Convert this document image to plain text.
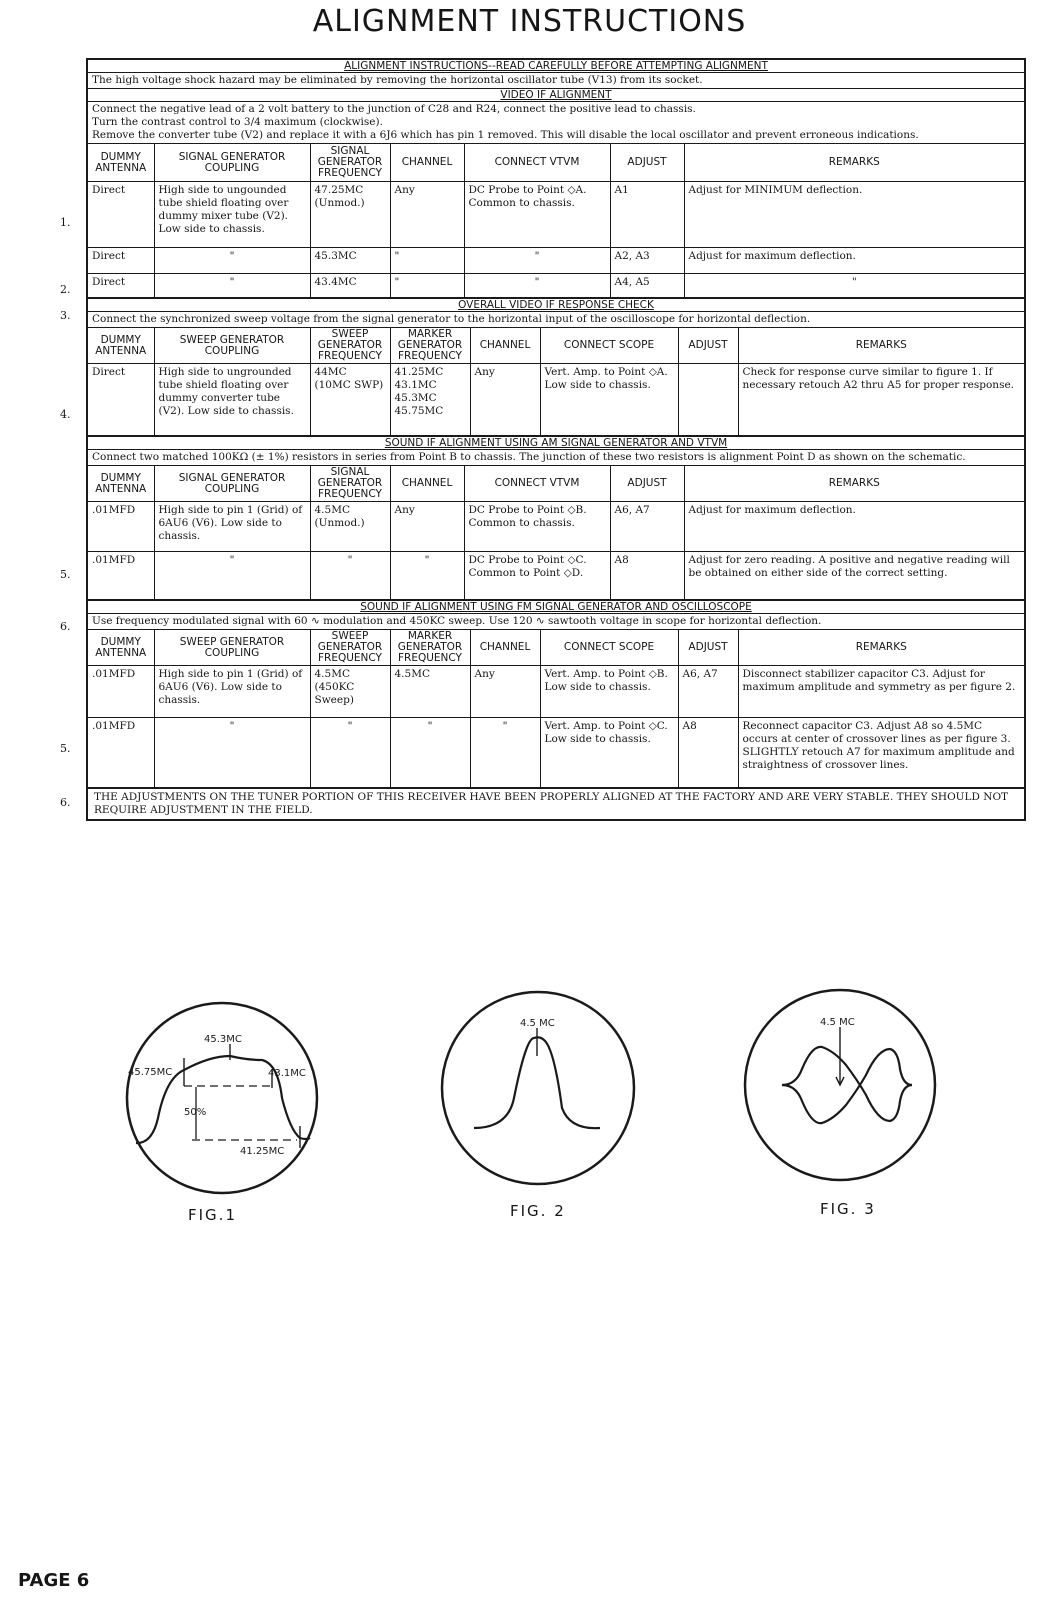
ALIGNMENT INSTRUCTIONS
ALIGNMENT INSTRUCTIONS--READ CAREFULLY BEFORE ATTEMPTING ALIGNMENT
The high voltage shock hazard may be eliminated by removing the horizontal oscillator tube (V13) from its socket.
VIDEO IF ALIGNMENT
Connect the negative lead of a 2 volt battery to the junction of C28 and R24, connect the positive lead to chassis.
Turn the contrast control to 3/4 maximum (clockwise).
Remove the converter tube (V2) and replace it with a 6J6 which has pin 1 removed. This will disable the local oscillator and prevent erroneous indications.
DUMMY ANTENNA	SIGNAL GENERATOR COUPLING	SIGNAL GENERATOR FREQUENCY	CHANNEL	CONNECT VTVM	ADJUST	REMARKS
Direct	High side to ungounded tube shield floating over dummy mixer tube (V2). Low side to chassis.	47.25MC (Unmod.)	Any	DC Probe to Point ◇A. Common to chassis.	A1	Adjust for MINIMUM deflection.
Direct	"	45.3MC	"	"	A2, A3	Adjust for maximum deflection.
Direct	"	43.4MC	"	"	A4, A5	"
OVERALL VIDEO IF RESPONSE CHECK
Connect the synchronized sweep voltage from the signal generator to the horizontal input of the oscilloscope for horizontal deflection.
DUMMY ANTENNA	SWEEP GENERATOR COUPLING	SWEEP GENERATOR FREQUENCY	MARKER GENERATOR FREQUENCY	CHANNEL	CONNECT SCOPE	ADJUST	REMARKS
Direct	High side to ungrounded tube shield floating over dummy converter tube (V2). Low side to chassis.	44MC (10MC SWP)	41.25MC 43.1MC 45.3MC 45.75MC	Any	Vert. Amp. to Point ◇A. Low side to chassis.		Check for response curve similar to figure 1. If necessary retouch A2 thru A5 for proper response.
SOUND IF ALIGNMENT USING AM SIGNAL GENERATOR AND VTVM
Connect two matched 100KΩ (± 1%) resistors in series from Point B to chassis. The junction of these two resistors is alignment Point D as shown on the schematic.
DUMMY ANTENNA	SIGNAL GENERATOR COUPLING	SIGNAL GENERATOR FREQUENCY	CHANNEL	CONNECT VTVM	ADJUST	REMARKS
.01MFD	High side to pin 1 (Grid) of 6AU6 (V6). Low side to chassis.	4.5MC (Unmod.)	Any	DC Probe to Point ◇B. Common to chassis.	A6, A7	Adjust for maximum deflection.
.01MFD	"	"	"	DC Probe to Point ◇C. Common to Point ◇D.	A8	Adjust for zero reading. A positive and negative reading will be obtained on either side of the correct setting.
SOUND IF ALIGNMENT USING FM SIGNAL GENERATOR AND OSCILLOSCOPE
Use frequency modulated signal with 60 ∿ modulation and 450KC sweep. Use 120 ∿ sawtooth voltage in scope for horizontal deflection.
DUMMY ANTENNA	SWEEP GENERATOR COUPLING	SWEEP GENERATOR FREQUENCY	MARKER GENERATOR FREQUENCY	CHANNEL	CONNECT SCOPE	ADJUST	REMARKS
.01MFD	High side to pin 1 (Grid) of 6AU6 (V6). Low side to chassis.	4.5MC (450KC Sweep)	4.5MC	Any	Vert. Amp. to Point ◇B. Low side to chassis.	A6, A7	Disconnect stabilizer capacitor C3. Adjust for maximum amplitude and symmetry as per figure 2.
.01MFD	"	"	"	"	Vert. Amp. to Point ◇C. Low side to chassis.	A8	Reconnect capacitor C3. Adjust A8 so 4.5MC occurs at center of crossover lines as per figure 3. SLIGHTLY retouch A7 for maximum amplitude and straightness of crossover lines.
THE ADJUSTMENTS ON THE TUNER PORTION OF THIS RECEIVER HAVE BEEN PROPERLY ALIGNED AT THE FACTORY AND ARE VERY STABLE. THEY SHOULD NOT REQUIRE ADJUSTMENT IN THE FIELD.
1.
2.
3.
4.
5.
6.
5.
6.
45.3MC
45.75MC	43.1MC
50%
41.25MC
FIG.1
4.5 MC
FIG. 2
4.5 MC
FIG. 3
PAGE 6
